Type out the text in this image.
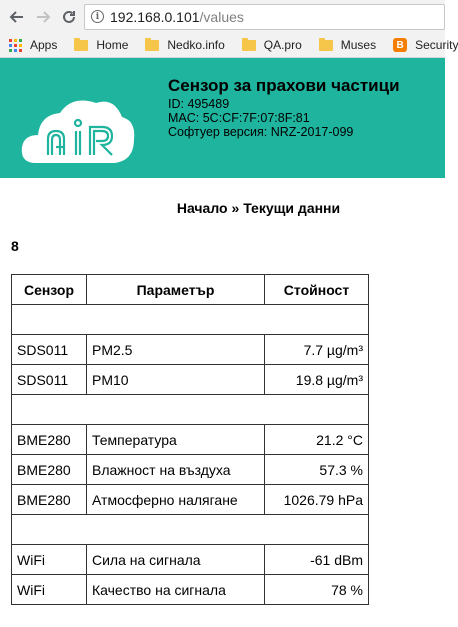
i 192.168.0.101 /values
Apps	Home	Nedko.info	QA.pro	Muses	B Security
Сензор за прахови частици

ID: 495489

MAC: 5C:CF:7F:07:8F:81

Софтуер версия: NRZ-2017-099

Начало » Текущи данни
8
Сензор	Параметър	Стойност

SDS011	PM2.5	7.7 µg/m³
SDS011	PM10	19.8 µg/m³

BME280	Температура	21.2 °C
BME280	Влажност на въздуха	57.3 %
BME280	Атмосферно налягане	1026.79 hPa

WiFi	Сила на сигнала	-61 dBm
WiFi	Качество на сигнала	78 %
